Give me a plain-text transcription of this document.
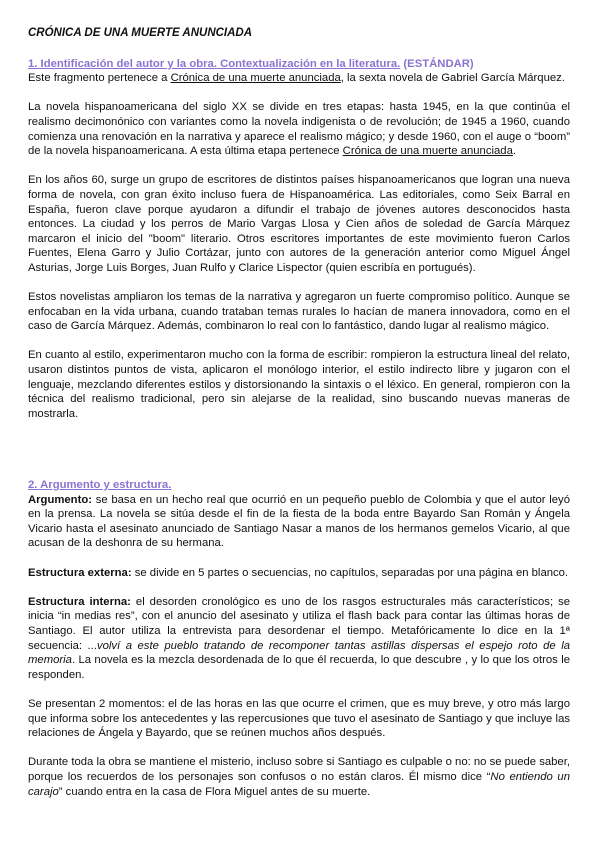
CRÓNICA DE UNA MUERTE ANUNCIADA
1. Identificación del autor y la obra. Contextualización en la literatura. (ESTÁNDAR)

Este fragmento pertenece a Crónica de una muerte anunciada, la sexta novela de Gabriel García Márquez.

La novela hispanoamericana del siglo XX se divide en tres etapas: hasta 1945, en la que continúa el realismo decimonónico con variantes como la novela indigenista o de revolución; de 1945 a 1960, cuando comienza una renovación en la narrativa y aparece el realismo mágico; y desde 1960, con el auge o “boom” de la novela hispanoamericana. A esta última etapa pertenece Crónica de una muerte anunciada.

En los años 60, surge un grupo de escritores de distintos países hispanoamericanos que logran una nueva forma de novela, con gran éxito incluso fuera de Hispanoamérica. Las editoriales, como Seix Barral en España, fueron clave porque ayudaron a difundir el trabajo de jóvenes autores desconocidos hasta entonces. La ciudad y los perros de Mario Vargas Llosa y Cien años de soledad de García Márquez marcaron el inicio del "boom" literario. Otros escritores importantes de este movimiento fueron Carlos Fuentes, Elena Garro y Julio Cortázar, junto con autores de la generación anterior como Miguel Ángel Asturias, Jorge Luis Borges, Juan Rulfo y Clarice Lispector (quien escribía en portugués).

Estos novelistas ampliaron los temas de la narrativa y agregaron un fuerte compromiso político. Aunque se enfocaban en la vida urbana, cuando trataban temas rurales lo hacían de manera innovadora, como en el caso de García Márquez. Además, combinaron lo real con lo fantástico, dando lugar al realismo mágico.

En cuanto al estilo, experimentaron mucho con la forma de escribir: rompieron la estructura lineal del relato, usaron distintos puntos de vista, aplicaron el monólogo interior, el estilo indirecto libre y jugaron con el lenguaje, mezclando diferentes estilos y distorsionando la sintaxis o el léxico. En general, rompieron con la técnica del realismo tradicional, pero sin alejarse de la realidad, sino buscando nuevas maneras de mostrarla.

2. Argumento y estructura.

Argumento: se basa en un hecho real que ocurrió en un pequeño pueblo de Colombia y que el autor leyó en la prensa. La novela se sitúa desde el fin de la fiesta de la boda entre Bayardo San Román y Ángela Vicario hasta el asesinato anunciado de Santiago Nasar a manos de los hermanos gemelos Vicario, al que acusan de la deshonra de su hermana.

Estructura externa: se divide en 5 partes o secuencias, no capítulos, separadas por una página en blanco.

Estructura interna: el desorden cronológico es uno de los rasgos estructurales más característicos; se inicia “in medias res”, con el anuncio del asesinato y utiliza el flash back para contar las últimas horas de Santiago. El autor utiliza la entrevista para desordenar el tiempo. Metafóricamente lo dice en la 1ª secuencia: ...volví a este pueblo tratando de recomponer tantas astillas dispersas el espejo roto de la memoria. La novela es la mezcla desordenada de lo que él recuerda, lo que descubre , y lo que los otros le responden.

Se presentan 2 momentos: el de las horas en las que ocurre el crimen, que es muy breve, y otro más largo que informa sobre los antecedentes y las repercusiones que tuvo el asesinato de Santiago y que incluye las relaciones de Ángela y Bayardo, que se reúnen muchos años después.

Durante toda la obra se mantiene el misterio, incluso sobre si Santiago es culpable o no: no se puede saber, porque los recuerdos de los personajes son confusos o no están claros. Él mismo dice “No entiendo un carajo” cuando entra en la casa de Flora Miguel antes de su muerte.
